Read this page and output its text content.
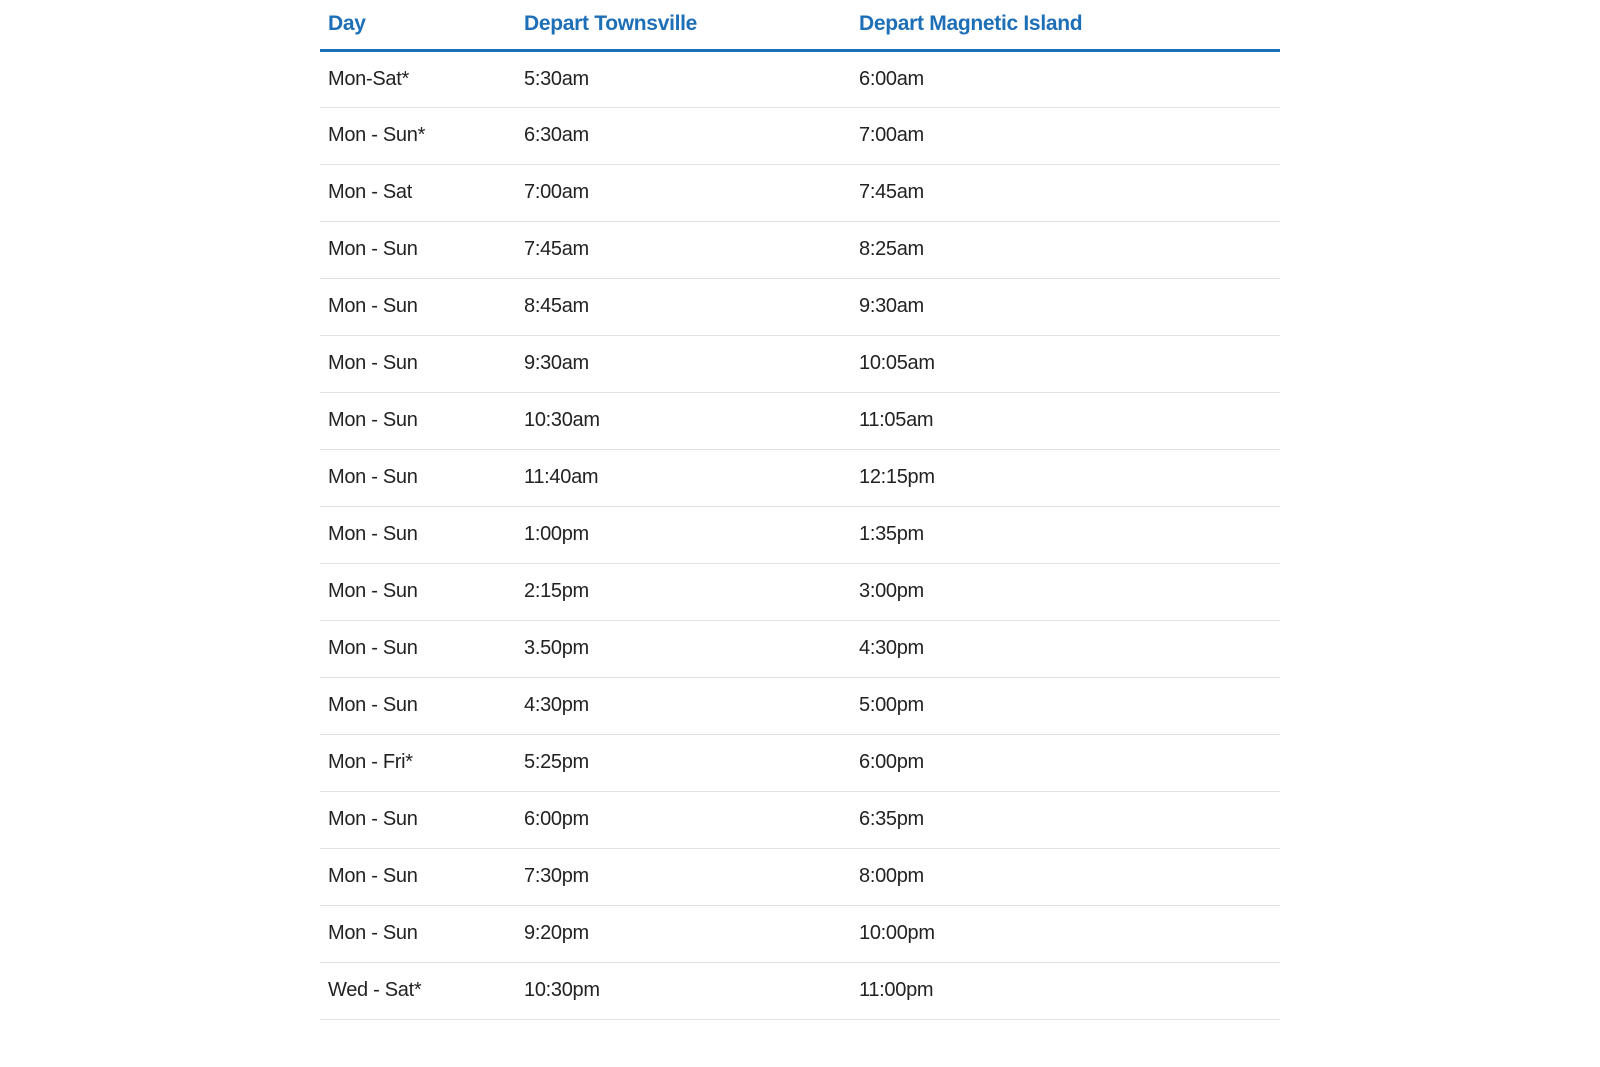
Day	Depart Townsville	Depart Magnetic Island
Mon-Sat*	5:30am	6:00am
Mon - Sun*	6:30am	7:00am
Mon - Sat	7:00am	7:45am
Mon - Sun	7:45am	8:25am
Mon - Sun	8:45am	9:30am
Mon - Sun	9:30am	10:05am
Mon - Sun	10:30am	11:05am
Mon - Sun	11:40am	12:15pm
Mon - Sun	1:00pm	1:35pm
Mon - Sun	2:15pm	3:00pm
Mon - Sun	3.50pm	4:30pm
Mon - Sun	4:30pm	5:00pm
Mon - Fri*	5:25pm	6:00pm
Mon - Sun	6:00pm	6:35pm
Mon - Sun	7:30pm	8:00pm
Mon - Sun	9:20pm	10:00pm
Wed - Sat*	10:30pm	11:00pm
